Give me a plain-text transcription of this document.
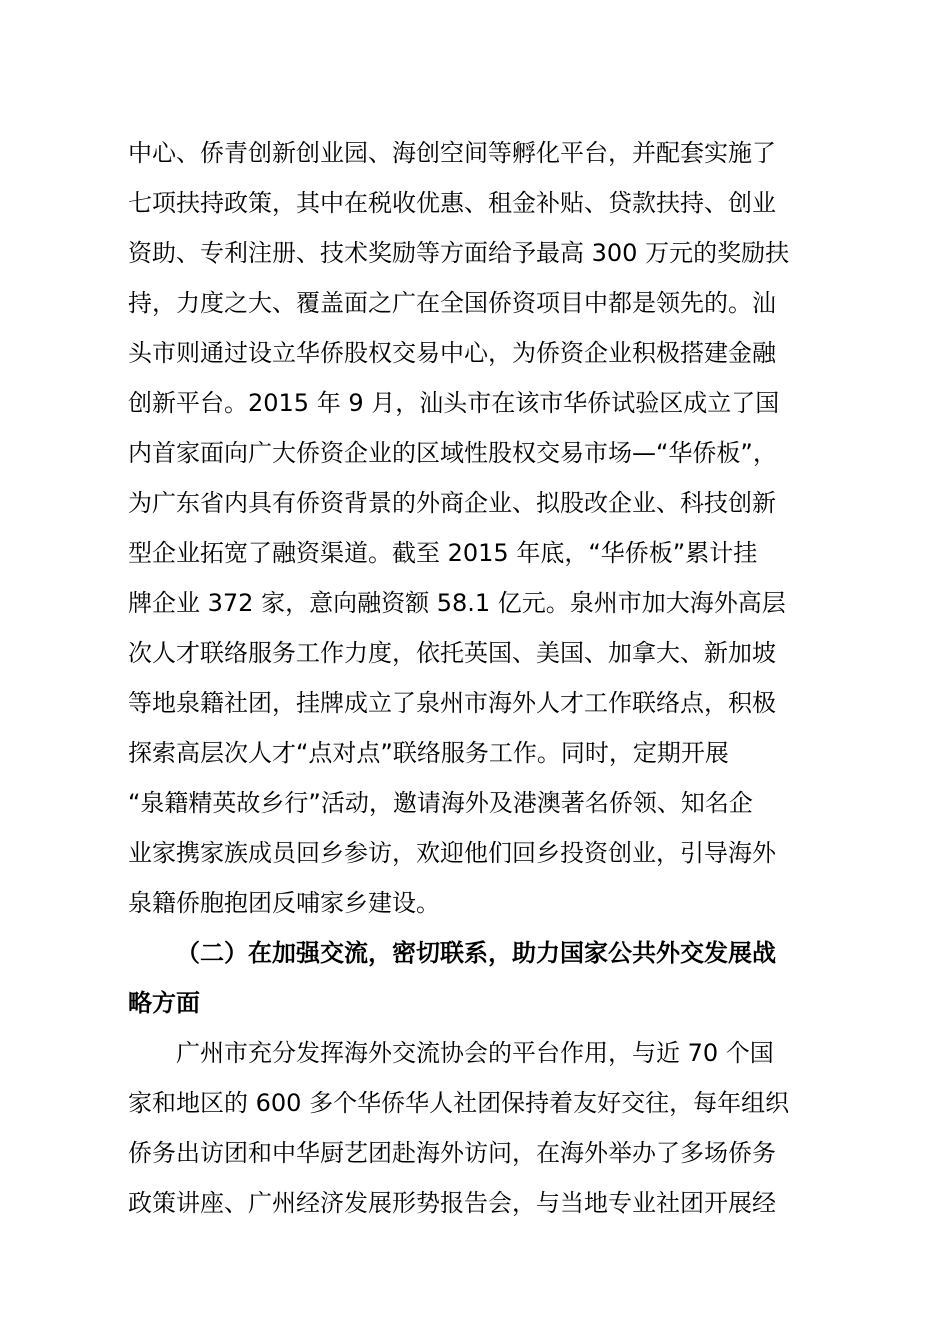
中心、侨青创新创业园、海创空间等孵化平台，并配套实施了
七项扶持政策，其中在税收优惠、租金补贴、贷款扶持、创业
资助、专利注册、技术奖励等方面给予最高 300 万元的奖励扶
持，力度之大、覆盖面之广在全国侨资项目中都是领先的。汕
头市则通过设立华侨股权交易中心，为侨资企业积极搭建金融
创新平台。2015 年 9 月，汕头市在该市华侨试验区成立了国
内首家面向广大侨资企业的区域性股权交易市场—“华侨板”，
为广东省内具有侨资背景的外商企业、拟股改企业、科技创新
型企业拓宽了融资渠道。截至 2015 年底，“华侨板”累计挂
牌企业 372 家，意向融资额 58.1 亿元。泉州市加大海外高层
次人才联络服务工作力度，依托英国、美国、加拿大、新加坡
等地泉籍社团，挂牌成立了泉州市海外人才工作联络点，积极
探索高层次人才“点对点”联络服务工作。同时，定期开展
“泉籍精英故乡行”活动，邀请海外及港澳著名侨领、知名企
业家携家族成员回乡参访，欢迎他们回乡投资创业，引导海外
泉籍侨胞抱团反哺家乡建设。
（二）在加强交流，密切联系，助力国家公共外交发展战
略方面
广州市充分发挥海外交流协会的平台作用，与近 70 个国
家和地区的 600 多个华侨华人社团保持着友好交往，每年组织
侨务出访团和中华厨艺团赴海外访问，在海外举办了多场侨务
政策讲座、广州经济发展形势报告会，与当地专业社团开展经
